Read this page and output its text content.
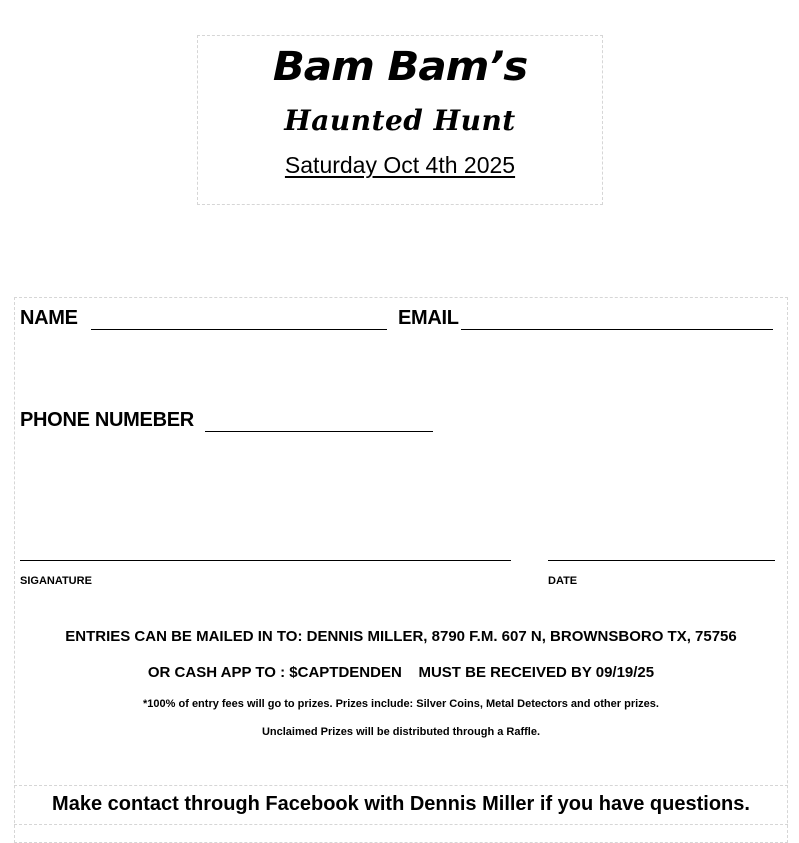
Bam Bam’s
Haunted Hunt
Saturday Oct 4th 2025
NAME	EMAIL
PHONE NUMEBER
SIGANATURE	DATE
ENTRIES CAN BE MAILED IN TO: DENNIS MILLER, 8790 F.M. 607 N, BROWNSBORO TX, 75756
OR CASH APP TO : $CAPTDENDEN    MUST BE RECEIVED BY 09/19/25
*100% of entry fees will go to prizes. Prizes include: Silver Coins, Metal Detectors and other prizes.
Unclaimed Prizes will be distributed through a Raffle.
Make contact through Facebook with Dennis Miller if you have questions.
